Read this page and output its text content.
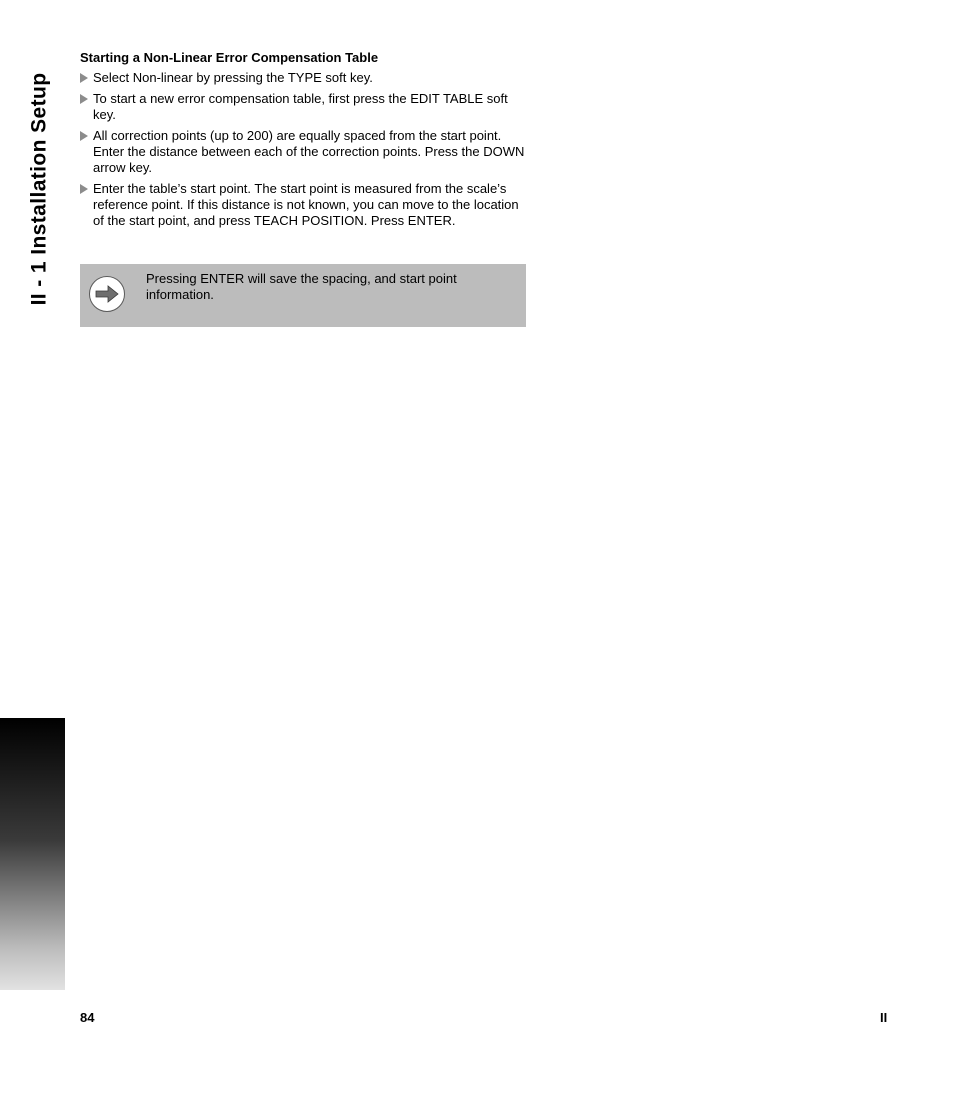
II - 1 Installation Setup
Starting a Non-Linear Error Compensation Table
Select Non-linear by pressing the TYPE soft key.
To start a new error compensation table, first press the EDIT TABLE soft key.
All correction points (up to 200) are equally spaced from the start point. Enter the distance between each of the correction points. Press the DOWN arrow key.
Enter the table’s start point. The start point is measured from the scale’s reference point. If this distance is not known, you can move to the location of the start point, and press TEACH POSITION. Press ENTER.
Pressing ENTER will save the spacing, and start point information.
84	II
